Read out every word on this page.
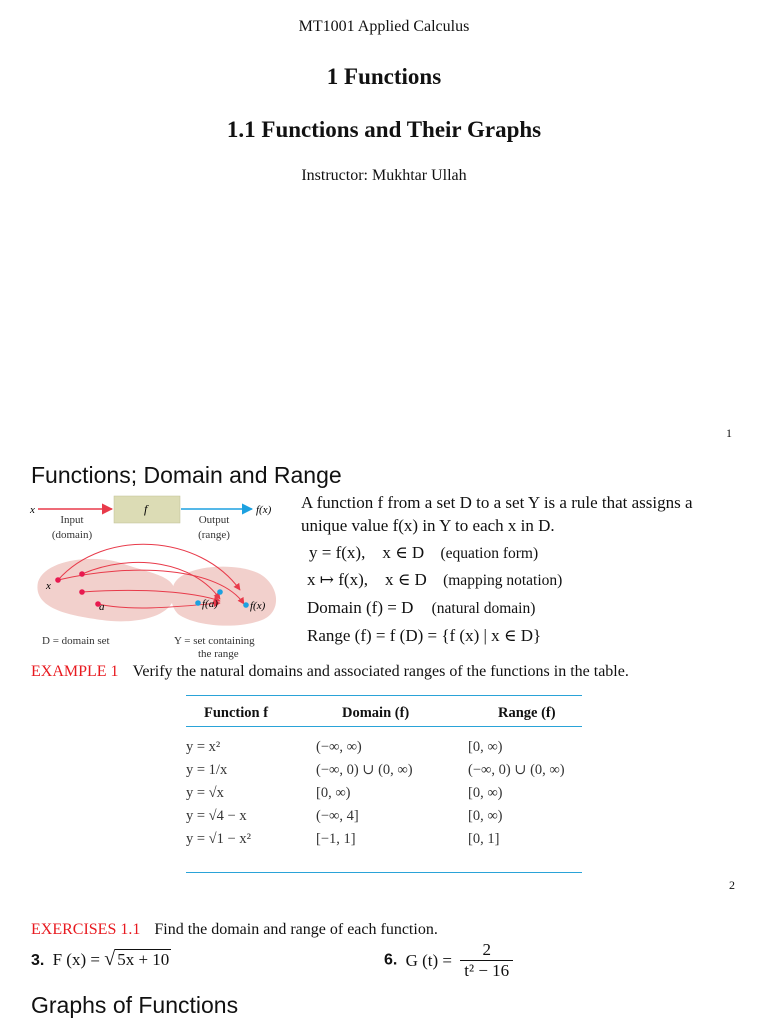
MT1001 Applied Calculus
1 Functions
1.1 Functions and Their Graphs
Instructor: Mukhtar Ullah
1
Functions; Domain and Range
x	f	f(x)
Input
(domain)
Output
(range)
x
a	f(a)	f(x)
D = domain set	Y = set containing
the range
A function f from a set D to a set Y is a rule that assigns a
unique value f(x) in Y to each x in D.
y = f(x),    x ∈ D (equation form)
x ↦ f(x),    x ∈ D (mapping notation)
Domain (f) = D (natural domain)
Range (f) = f (D) = {f (x) | x ∈ D}
EXAMPLE 1 Verify the natural domains and associated ranges of the functions in the table.
Function f	Domain (f)	Range (f)

y = x²	(−∞, ∞)	[0, ∞)
y = 1/x	(−∞, 0) ∪ (0, ∞)	(−∞, 0) ∪ (0, ∞)
y = √x	[0, ∞)	[0, ∞)
y = √4 − x	(−∞, 4]	[0, ∞)
y = √1 − x²	[−1, 1]	[0, 1]
2
EXERCISES 1.1 Find the domain and range of each function.
3. F (x) = √ 5x + 10	6. G $(t) = \frac{2}{\text{t² − 16}}$
Graphs of Functions
